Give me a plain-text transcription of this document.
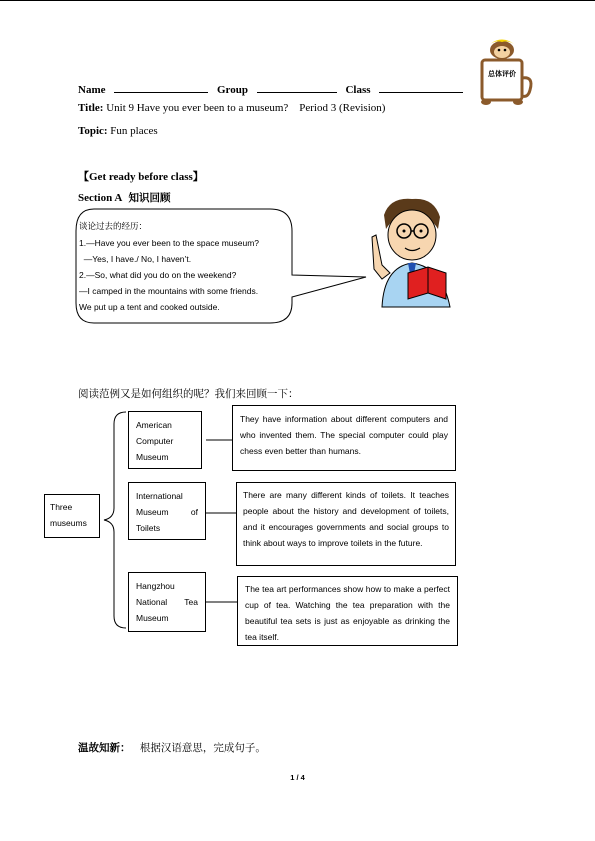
Name	Group	Class
Title: Unit 9 Have you ever been to a museum?    Period 3 (Revision)
Topic: Fun places
总体评价
【Get ready before class】
Section A 知识回顾
谈论过去的经历：
1.—Have you ever been to the space museum?
—Yes, I have./ No, I haven’t.
2.—So, what did you do on the weekend?
—I camped in the mountains with some friends.
We put up a tent and cooked outside.
阅读范例又是如何组织的呢？我们来回顾一下：
Three museums
American Computer Museum
International Museum of Toilets
Hangzhou National Tea Museum
They have information about different computers and who invented them. The special computer could play chess even better than humans.
There are many different kinds of toilets. It teaches people about the history and development of toilets, and it encourages governments and social groups to think about ways to improve toilets in the future.
The tea art performances show how to make a perfect cup of tea. Watching the tea preparation with the beautiful tea sets is just as enjoyable as drinking the tea itself.
温故知新： 根据汉语意思，完成句子。
1 / 4
